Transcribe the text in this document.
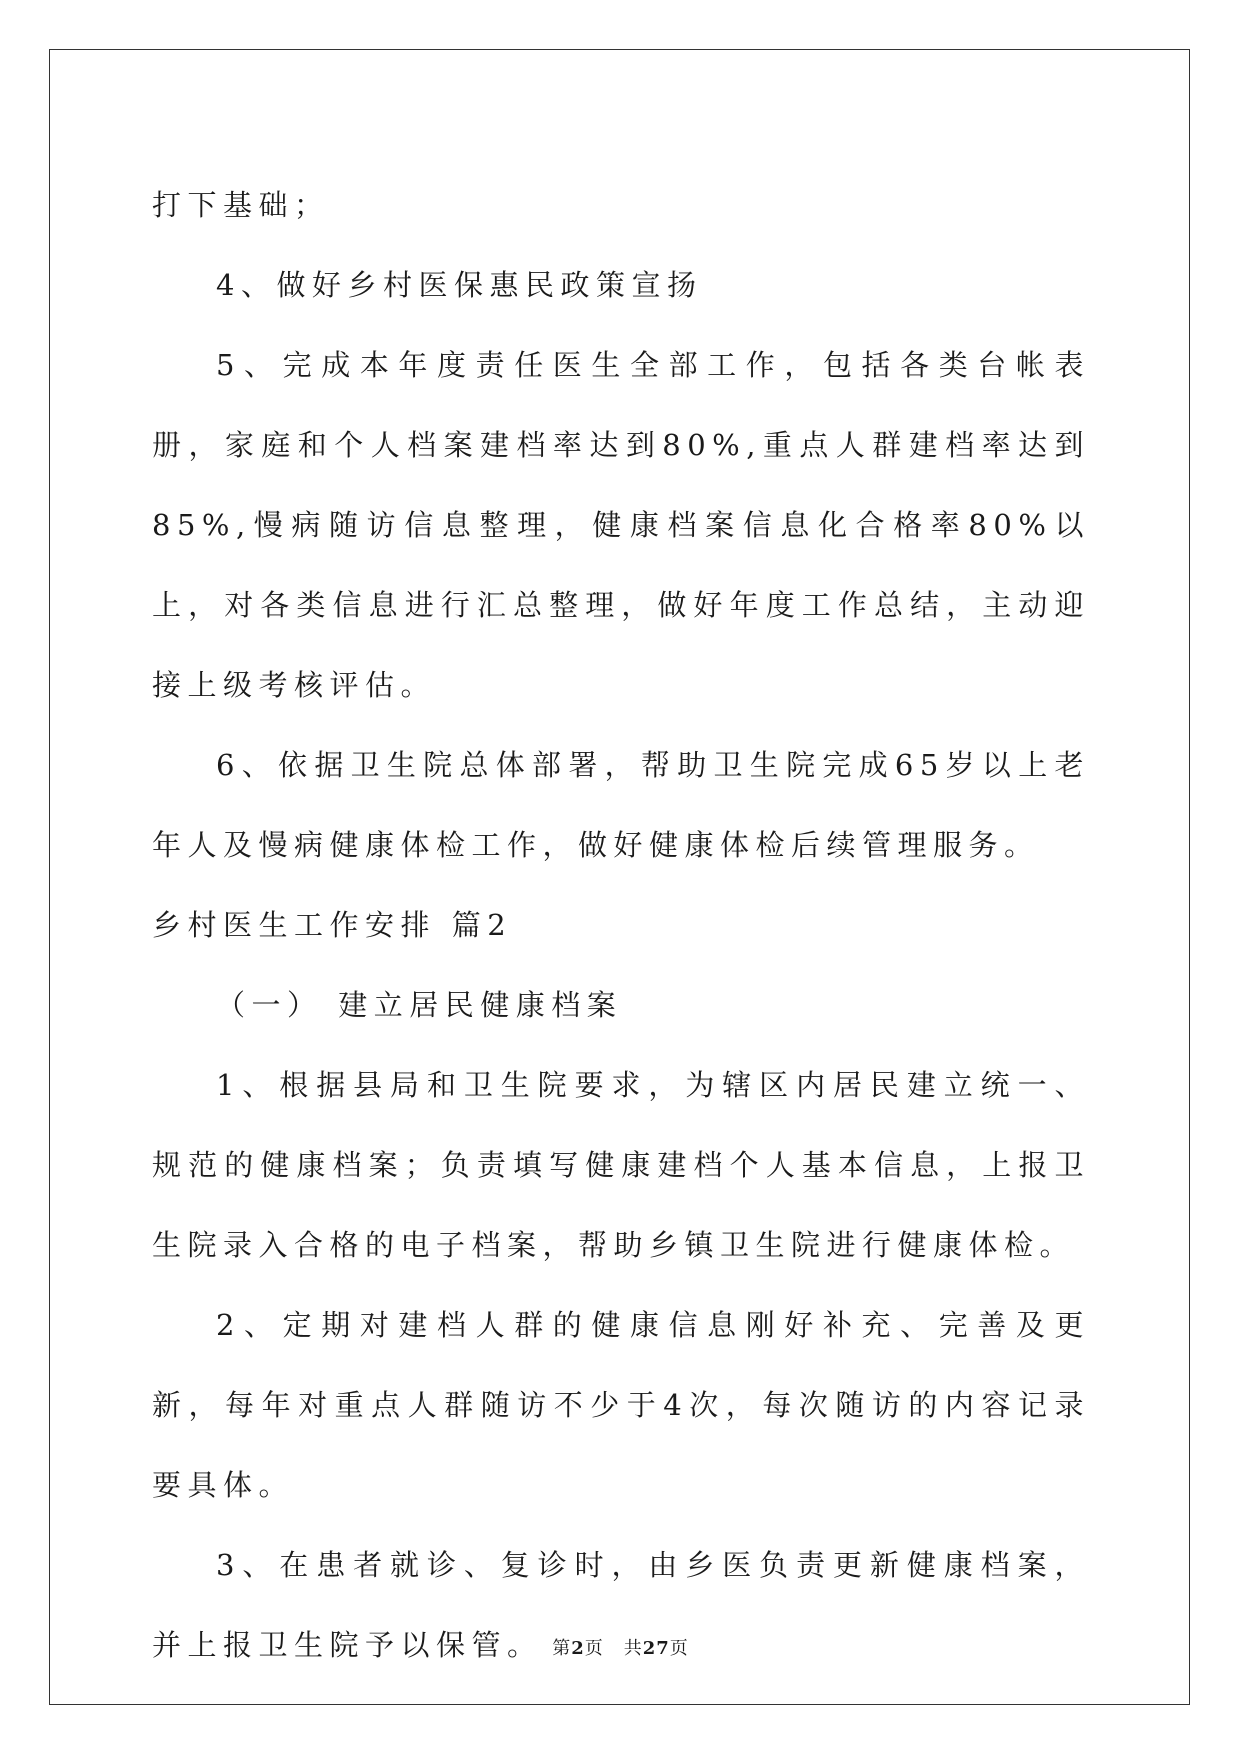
打下基础；

4、做好乡村医保惠民政策宣扬

5、完成本年度责任医生全部工作，包括各类台帐表册，家庭和个人档案建档率达到80%,重点人群建档率达到85%,慢病随访信息整理，健康档案信息化合格率80%以上，对各类信息进行汇总整理，做好年度工作总结，主动迎接上级考核评估。

6、依据卫生院总体部署，帮助卫生院完成65岁以上老年人及慢病健康体检工作，做好健康体检后续管理服务。

乡村医生工作安排 篇2

（一） 建立居民健康档案

1、根据县局和卫生院要求，为辖区内居民建立统一、规范的健康档案；负责填写健康建档个人基本信息，上报卫生院录入合格的电子档案，帮助乡镇卫生院进行健康体检。

2、定期对建档人群的健康信息刚好补充、完善及更新，每年对重点人群随访不少于4次，每次随访的内容记录要具体。

3、在患者就诊、复诊时，由乡医负责更新健康档案，并上报卫生院予以保管。 第2页 共27页
